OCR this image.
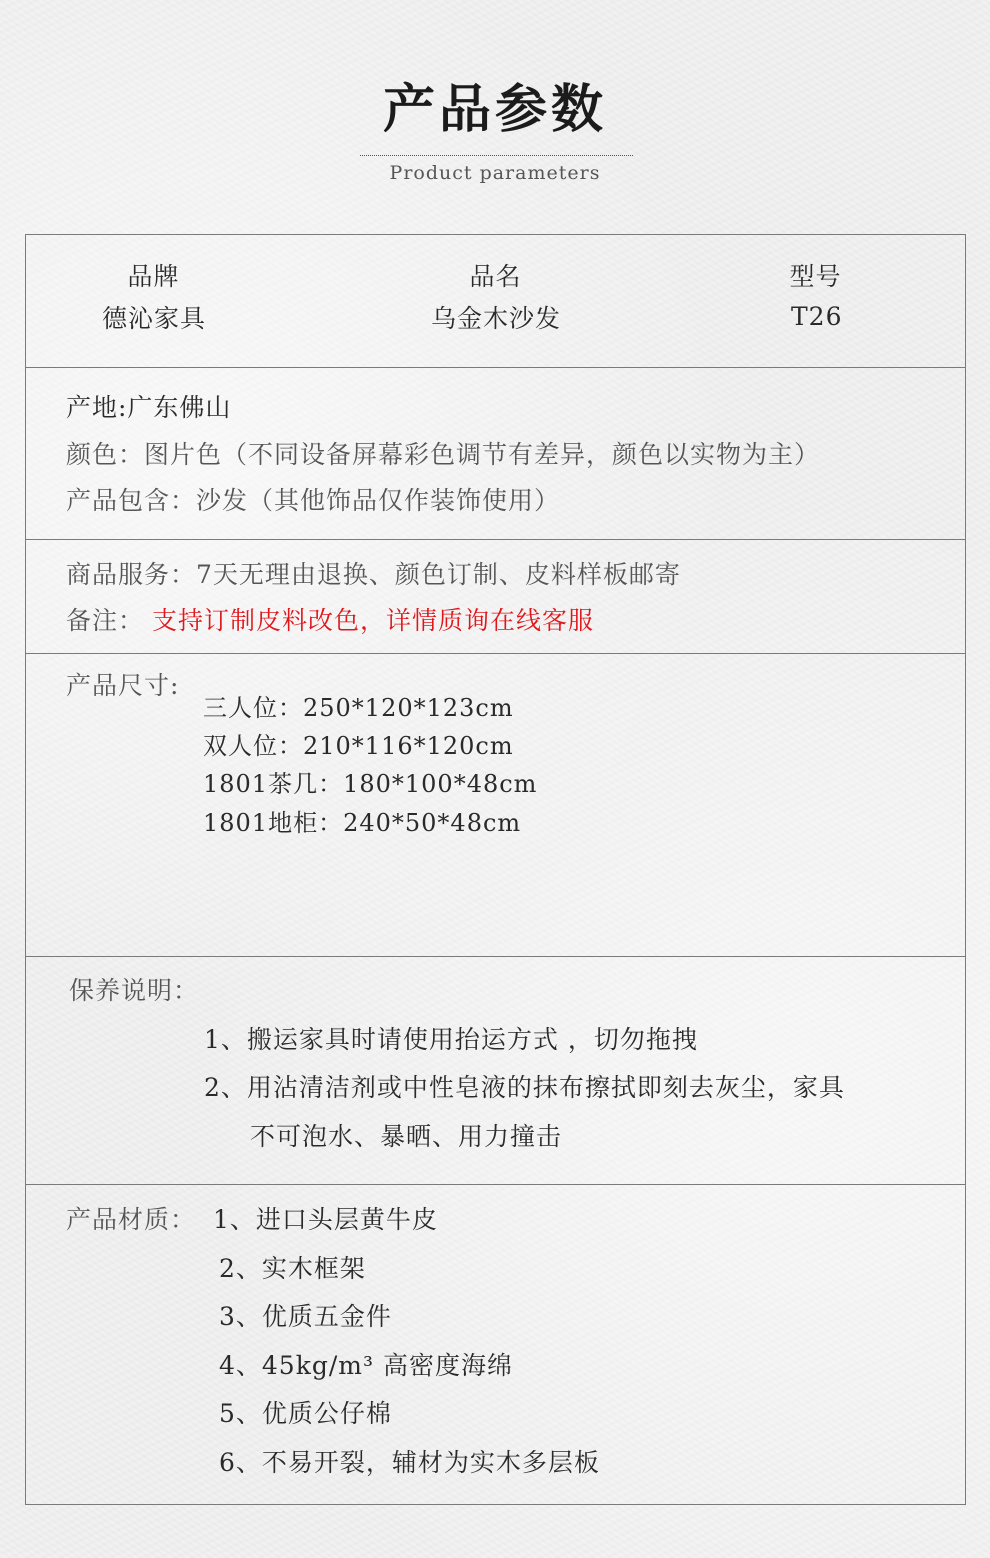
产品参数
Product parameters
品牌
德沁家具
品名
乌金木沙发
型号
T26
产地:广东佛山
颜色：图片色（不同设备屏幕彩色调节有差异，颜色以实物为主）
产品包含：沙发（其他饰品仅作装饰使用）
商品服务：7天无理由退换、颜色订制、皮料样板邮寄
备注： 支持订制皮料改色，详情质询在线客服
产品尺寸:
三人位：250*120*123cm
双人位：210*116*120cm
1801茶几：180*100*48cm
1801地柜：240*50*48cm
保养说明：
1、搬运家具时请使用抬运方式 ，切勿拖拽
2、用沾清洁剂或中性皂液的抹布擦拭即刻去灰尘，家具
不可泡水、暴晒、用力撞击
产品材质： 1、进口头层黄牛皮
2、实木框架
3、优质五金件
4、45kg/m³ 高密度海绵
5、优质公仔棉
6、不易开裂，辅材为实木多层板
